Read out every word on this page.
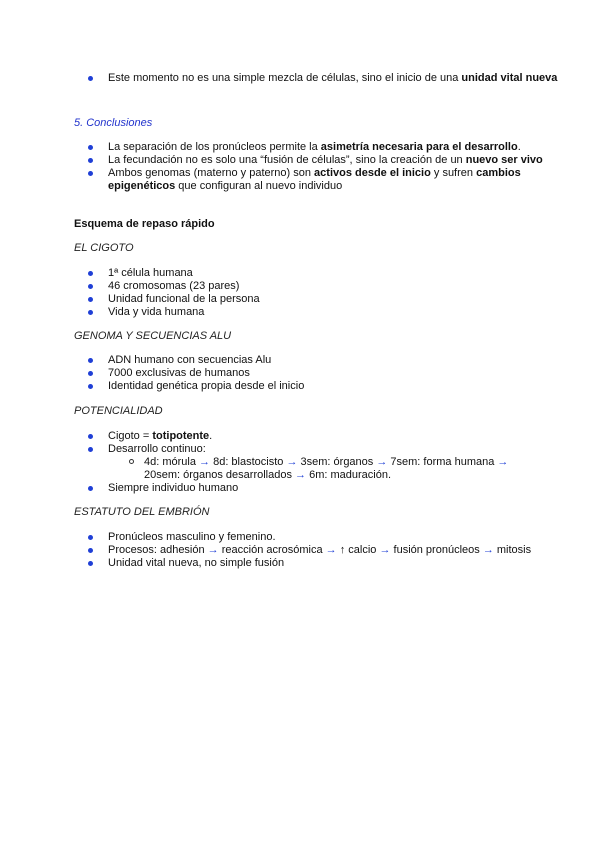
Este momento no es una simple mezcla de células, sino el inicio de una unidad vital nueva
5. Conclusiones
La separación de los pronúcleos permite la asimetría necesaria para el desarrollo.
La fecundación no es solo una “fusión de células”, sino la creación de un nuevo ser vivo
Ambos genomas (materno y paterno) son activos desde el inicio y sufren cambios epigenéticos que configuran al nuevo individuo
Esquema de repaso rápido
EL CIGOTO
1ª célula humana
46 cromosomas (23 pares)
Unidad funcional de la persona
Vida y vida humana
GENOMA Y SECUENCIAS ALU
ADN humano con secuencias Alu
7000 exclusivas de humanos
Identidad genética propia desde el inicio
POTENCIALIDAD
Cigoto = totipotente.
Desarrollo continuo:
4d: mórula → 8d: blastocisto → 3sem: órganos → 7sem: forma humana → 20sem: órganos desarrollados → 6m: maduración.
Siempre individuo humano
ESTATUTO DEL EMBRIÓN
Pronúcleos masculino y femenino.
Procesos: adhesión → reacción acrosómica → ↑ calcio → fusión pronúcleos → mitosis
Unidad vital nueva, no simple fusión
